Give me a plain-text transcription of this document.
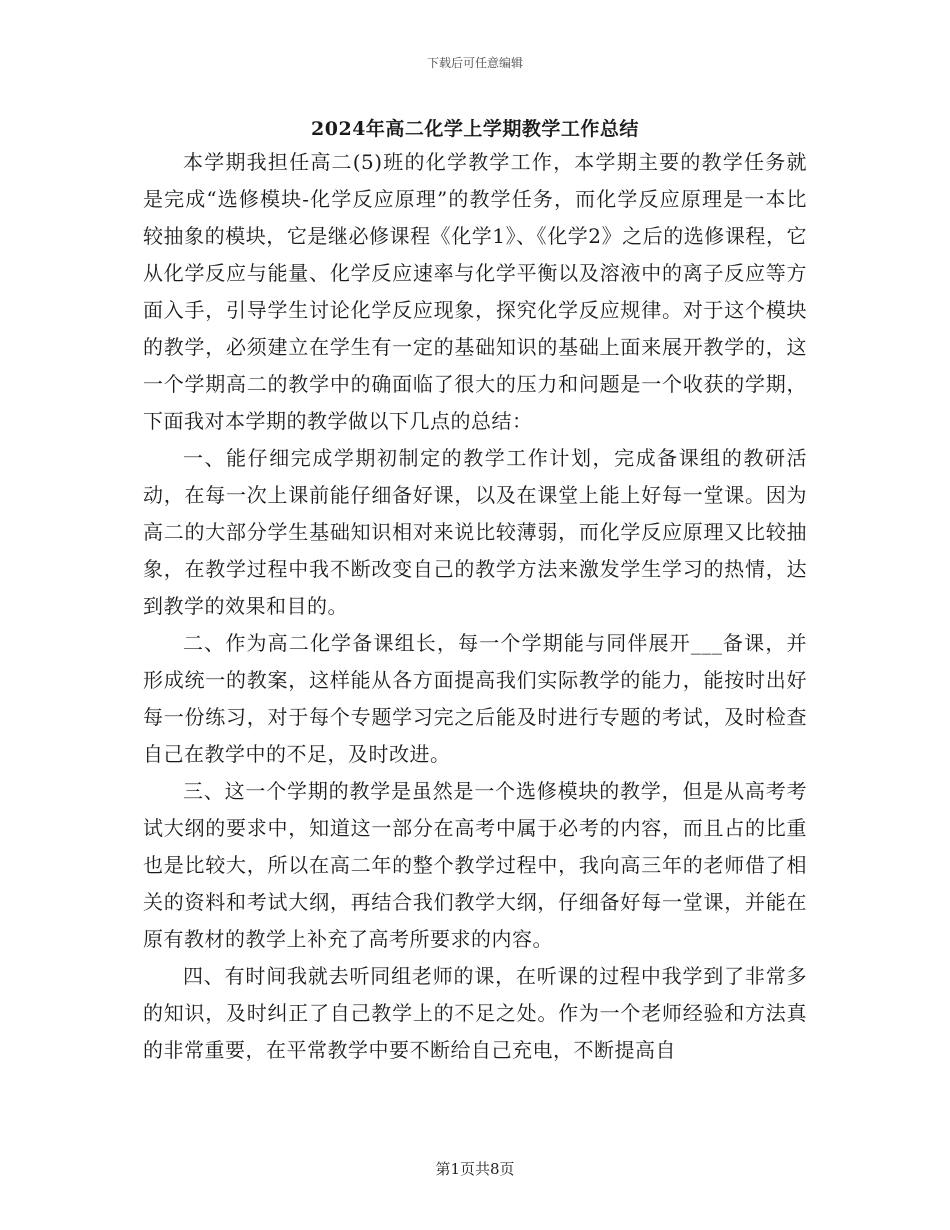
下载后可任意编辑
2024年高二化学上学期教学工作总结

本学期我担任高二(5)班的化学教学工作，本学期主要的教学任务就是完成“选修模块-化学反应原理”的教学任务，而化学反应原理是一本比较抽象的模块，它是继必修课程《化学1》、《化学2》之后的选修课程，它从化学反应与能量、化学反应速率与化学平衡以及溶液中的离子反应等方面入手，引导学生讨论化学反应现象，探究化学反应规律。对于这个模块的教学，必须建立在学生有一定的基础知识的基础上面来展开教学的，这一个学期高二的教学中的确面临了很大的压力和问题是一个收获的学期，下面我对本学期的教学做以下几点的总结：

一、能仔细完成学期初制定的教学工作计划，完成备课组的教研活动，在每一次上课前能仔细备好课，以及在课堂上能上好每一堂课。因为高二的大部分学生基础知识相对来说比较薄弱，而化学反应原理又比较抽象，在教学过程中我不断改变自己的教学方法来激发学生学习的热情，达到教学的效果和目的。

二、作为高二化学备课组长，每一个学期能与同伴展开___备课，并形成统一的教案，这样能从各方面提高我们实际教学的能力，能按时出好每一份练习，对于每个专题学习完之后能及时进行专题的考试，及时检查自己在教学中的不足，及时改进。

三、这一个学期的教学是虽然是一个选修模块的教学，但是从高考考试大纲的要求中，知道这一部分在高考中属于必考的内容，而且占的比重也是比较大，所以在高二年的整个教学过程中，我向高三年的老师借了相关的资料和考试大纲，再结合我们教学大纲，仔细备好每一堂课，并能在原有教材的教学上补充了高考所要求的内容。

四、有时间我就去听同组老师的课，在听课的过程中我学到了非常多的知识，及时纠正了自己教学上的不足之处。作为一个老师经验和方法真的非常重要，在平常教学中要不断给自己充电，不断提高自

第1页共8页
